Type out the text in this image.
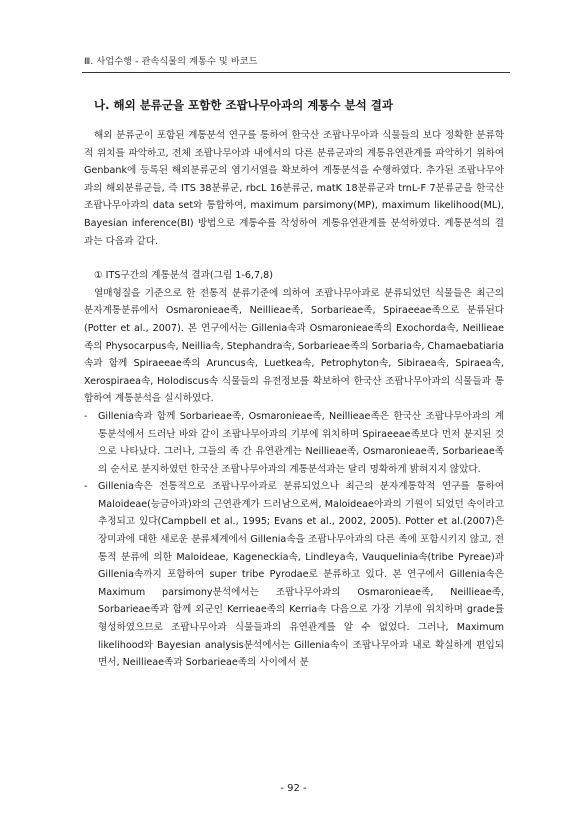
Ⅲ. 사업수행 - 관속식물의 계통수 및 바코드
나. 해외 분류군을 포함한 조팝나무아과의 계통수 분석 결과

해외 분류군이 포함된 계통분석 연구를 통하여 한국산 조팝나무아과 식물들의 보다 정확한 분류학적 위치를 파악하고, 전체 조팝나무아과 내에서의 다른 분류군과의 계통유연관계를 파악하기 위하여 Genbank에 등록된 해외분류군의 염기서열을 확보하여 계통분석을 수행하였다. 추가된 조팝나무아과의 해외분류군들, 즉 ITS 38분류군, rbcL 16분류군, matK 18분류군과 trnL-F 7분류군을 한국산 조팝나무아과의 data set와 통합하여, maximum parsimony(MP), maximum likelihood(ML), Bayesian inference(BI) 방법으로 계통수를 작성하여 계통유연관계를 분석하였다. 계통분석의 결과는 다음과 같다.

① ITS구간의 계통분석 결과(그림 1-6,7,8)

열매형질을 기준으로 한 전통적 분류기준에 의하여 조팝나무아과로 분류되었던 식물들은 최근의 분자계통분류에서 Osmaronieae족, Neillieae족, Sorbarieae족, Spiraeeae족으로 분류된다(Potter et al., 2007). 본 연구에서는 Gillenia속과 Osmaronieae족의 Exochorda속, Neillieae족의 Physocarpus속, Neillia속, Stephandra속, Sorbarieae족의 Sorbaria속, Chamaebatiaria속과 함께 Spiraeeae족의 Aruncus속, Luetkea속, Petrophyton속, Sibiraea속, Spiraea속, Xerospiraea속, Holodiscus속 식물들의 유전정보를 확보하여 한국산 조팝나무아과의 식물들과 통합하여 계통분석을 실시하였다.

-	Gillenia속과 함께 Sorbarieae족, Osmaronieae족, Neillieae족은 한국산 조팝나무아과의 계통분석에서 드러난 바와 같이 조팝나무아과의 기부에 위치하며 Spiraeeae족보다 먼저 분지된 것으로 나타났다. 그러나, 그들의 족 간 유연관계는 Neillieae족, Osmaronieae족, Sorbarieae족의 순서로 분지하였던 한국산 조팝나무아과의 계통분석과는 달리 명확하게 밝혀지지 않았다.

-	Gillenia속은 전통적으로 조팝나무아과로 분류되었으나 최근의 분자계통학적 연구를 통하여 Maloideae(능금아과)와의 근연관계가 드러남으로써, Maloideae아과의 기원이 되었던 속이라고 추정되고 있다(Campbell et al., 1995; Evans et al., 2002, 2005). Potter et al.(2007)은 장미과에 대한 새로운 분류체계에서 Gillenia속을 조팝나무아과의 다른 족에 포함시키지 않고, 전통적 분류에 의한 Maloideae, Kageneckia속, Lindleya속, Vauquelinia속(tribe Pyreae)과 Gillenia속까지 포함하여 super tribe Pyrodae로 분류하고 있다. 본 연구에서 Gillenia속은 Maximum parsimony분석에서는 조팝나무아과의 Osmaronieae족, Neillieae족, Sorbarieae족과 함께 외군인 Kerrieae족의 Kerria속 다음으로 가장 기부에 위치하며 grade를 형성하였으므로 조팝나무아과 식물들과의 유연관계를 알 수 없었다. 그러나, Maximum likelihood와 Bayesian analysis분석에서는 Gillenia속이 조팝나무아과 내로 확실하게 편입되면서, Neillieae족과 Sorbarieae족의 사이에서 분

- 92 -
